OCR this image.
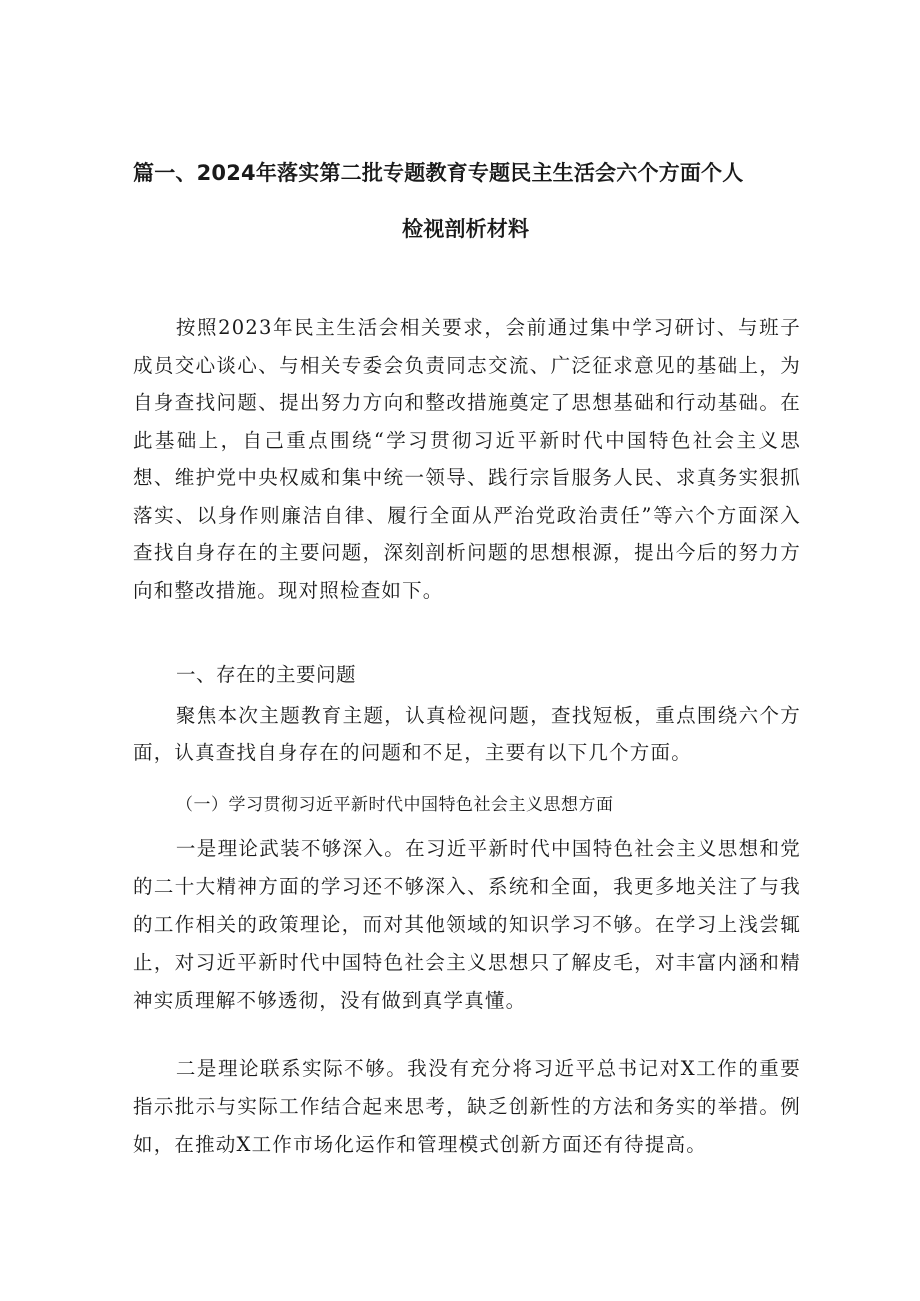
篇一、2024年落实第二批专题教育专题民主生活会六个方面个人
检视剖析材料

按照2023年民主生活会相关要求，会前通过集中学习研讨、与班子成员交心谈心、与相关专委会负责同志交流、广泛征求意见的基础上，为自身查找问题、提出努力方向和整改措施奠定了思想基础和行动基础。在此基础上，自己重点围绕“学习贯彻习近平新时代中国特色社会主义思想、维护党中央权威和集中统一领导、践行宗旨服务人民、求真务实狠抓落实、以身作则廉洁自律、履行全面从严治党政治责任”等六个方面深入查找自身存在的主要问题，深刻剖析问题的思想根源，提出今后的努力方向和整改措施。现对照检查如下。

一、存在的主要问题

聚焦本次主题教育主题，认真检视问题，查找短板，重点围绕六个方面，认真查找自身存在的问题和不足，主要有以下几个方面。

（一）学习贯彻习近平新时代中国特色社会主义思想方面

一是理论武装不够深入。在习近平新时代中国特色社会主义思想和党的二十大精神方面的学习还不够深入、系统和全面，我更多地关注了与我的工作相关的政策理论，而对其他领域的知识学习不够。在学习上浅尝辄止，对习近平新时代中国特色社会主义思想只了解皮毛，对丰富内涵和精神实质理解不够透彻，没有做到真学真懂。

二是理论联系实际不够。我没有充分将习近平总书记对X工作的重要指示批示与实际工作结合起来思考，缺乏创新性的方法和务实的举措。例如，在推动X工作市场化运作和管理模式创新方面还有待提高。
